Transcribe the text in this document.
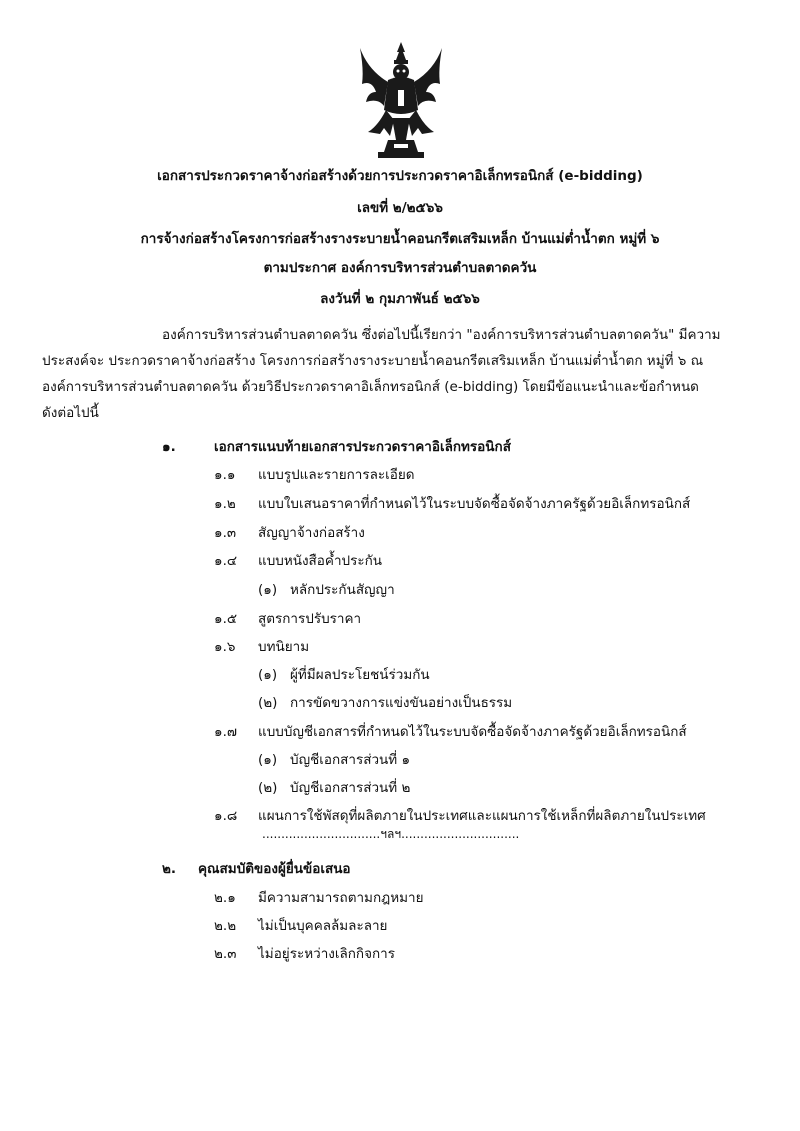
เอกสารประกวดราคาจ้างก่อสร้างด้วยการประกวดราคาอิเล็กทรอนิกส์ (e-bidding)
เลขที่ ๒/๒๕๖๖
การจ้างก่อสร้างโครงการก่อสร้างรางระบายน้ำคอนกรีตเสริมเหล็ก บ้านแม่ต่ำน้ำตก หมู่ที่ ๖
ตามประกาศ องค์การบริหารส่วนตำบลตาดควัน
ลงวันที่ ๒ กุมภาพันธ์ ๒๕๖๖
องค์การบริหารส่วนตำบลตาดควัน ซึ่งต่อไปนี้เรียกว่า "องค์การบริหารส่วนตำบลตาดควัน" มีความ
ประสงค์จะ ประกวดราคาจ้างก่อสร้าง โครงการก่อสร้างรางระบายน้ำคอนกรีตเสริมเหล็ก บ้านแม่ต่ำน้ำตก หมู่ที่ ๖ ณ
องค์การบริหารส่วนตำบลตาดควัน ด้วยวิธีประกวดราคาอิเล็กทรอนิกส์ (e-bidding) โดยมีข้อแนะนำและข้อกำหนด
ดังต่อไปนี้
๑.	เอกสารแนบท้ายเอกสารประกวดราคาอิเล็กทรอนิกส์
๑.๑ แบบรูปและรายการละเอียด
๑.๒ แบบใบเสนอราคาที่กำหนดไว้ในระบบจัดซื้อจัดจ้างภาครัฐด้วยอิเล็กทรอนิกส์
๑.๓ สัญญาจ้างก่อสร้าง
๑.๔ แบบหนังสือค้ำประกัน
(๑) หลักประกันสัญญา
๑.๕ สูตรการปรับราคา
๑.๖ บทนิยาม
(๑) ผู้ที่มีผลประโยชน์ร่วมกัน
(๒) การขัดขวางการแข่งขันอย่างเป็นธรรม
๑.๗ แบบบัญชีเอกสารที่กำหนดไว้ในระบบจัดซื้อจัดจ้างภาครัฐด้วยอิเล็กทรอนิกส์
(๑) บัญชีเอกสารส่วนที่ ๑
(๒) บัญชีเอกสารส่วนที่ ๒
๑.๘ แผนการใช้พัสดุที่ผลิตภายในประเทศและแผนการใช้เหล็กที่ผลิตภายในประเทศ
...............................ฯลฯ...............................
๒. คุณสมบัติของผู้ยื่นข้อเสนอ
๒.๑ มีความสามารถตามกฎหมาย
๒.๒ ไม่เป็นบุคคลล้มละลาย
๒.๓ ไม่อยู่ระหว่างเลิกกิจการ
